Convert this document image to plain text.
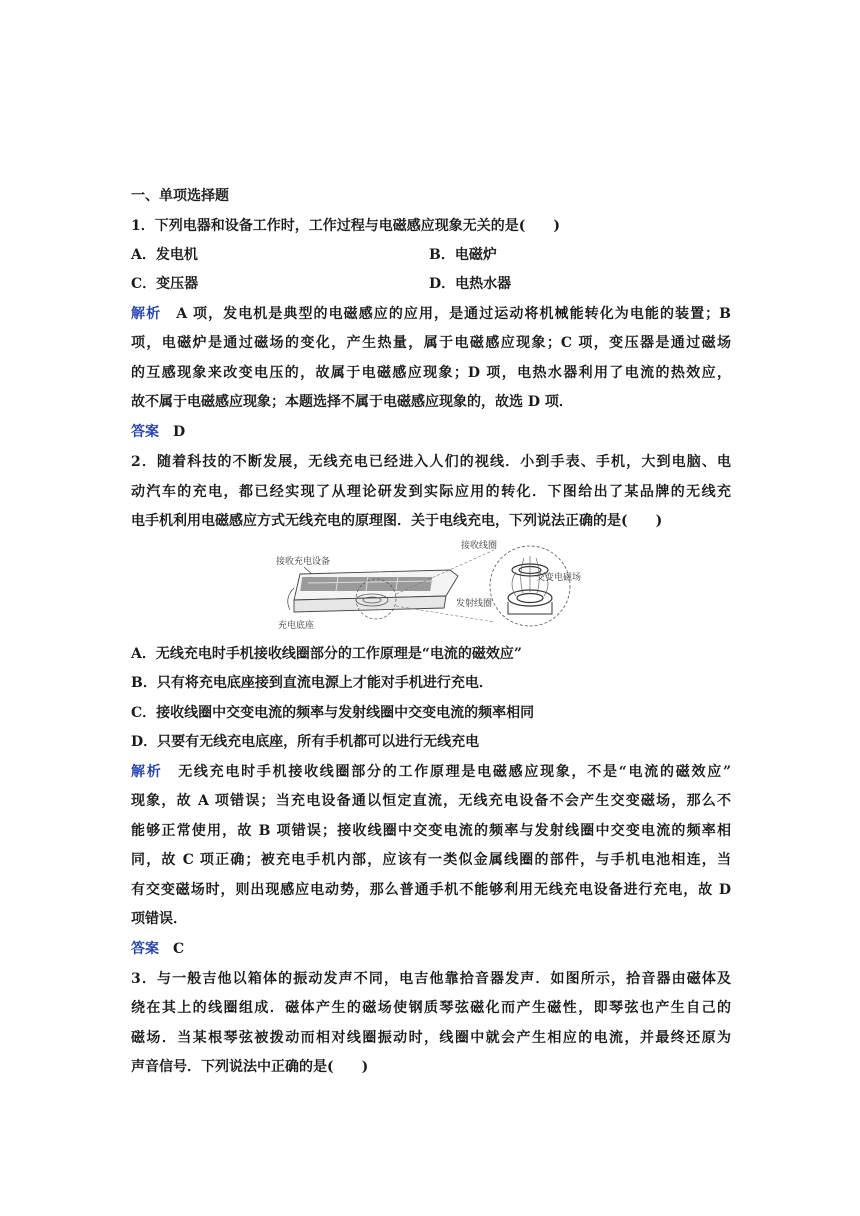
一、单项选择题
1．下列电器和设备工作时，工作过程与电磁感应现象无关的是(　　)
A．发电机	B．电磁炉
C．变压器	D．电热水器
解析　A 项，发电机是典型的电磁感应的应用，是通过运动将机械能转化为电能的装置；B
项，电磁炉是通过磁场的变化，产生热量，属于电磁感应现象；C 项，变压器是通过磁场
的互感现象来改变电压的，故属于电磁感应现象；D 项，电热水器利用了电流的热效应，
故不属于电磁感应现象；本题选择不属于电磁感应现象的，故选 D 项．
答案　 D
2．随着科技的不断发展，无线充电已经进入人们的视线．小到手表、手机，大到电脑、电
动汽车的充电，都已经实现了从理论研发到实际应用的转化．下图给出了某品牌的无线充
电手机利用电磁感应方式无线充电的原理图．关于电线充电，下列说法正确的是(　　)
接收充电设备
充电底座
接收线圈
交变电磁场
发射线圈
A．无线充电时手机接收线圈部分的工作原理是“电流的磁效应”
B．只有将充电底座接到直流电源上才能对手机进行充电．
C．接收线圈中交变电流的频率与发射线圈中交变电流的频率相同
D．只要有无线充电底座，所有手机都可以进行无线充电
解析　无线充电时手机接收线圈部分的工作原理是电磁感应现象，不是“电流的磁效应”
现象，故 A 项错误；当充电设备通以恒定直流，无线充电设备不会产生交变磁场，那么不
能够正常使用，故 B 项错误；接收线圈中交变电流的频率与发射线圈中交变电流的频率相
同，故 C 项正确；被充电手机内部，应该有一类似金属线圈的部件，与手机电池相连，当
有交变磁场时，则出现感应电动势，那么普通手机不能够利用无线充电设备进行充电，故 D
项错误．
答案　 C
3．与一般吉他以箱体的振动发声不同，电吉他靠拾音器发声．如图所示，拾音器由磁体及
绕在其上的线圈组成．磁体产生的磁场使钢质琴弦磁化而产生磁性，即琴弦也产生自己的
磁场．当某根琴弦被拨动而相对线圈振动时，线圈中就会产生相应的电流，并最终还原为
声音信号．下列说法中正确的是(　　)
